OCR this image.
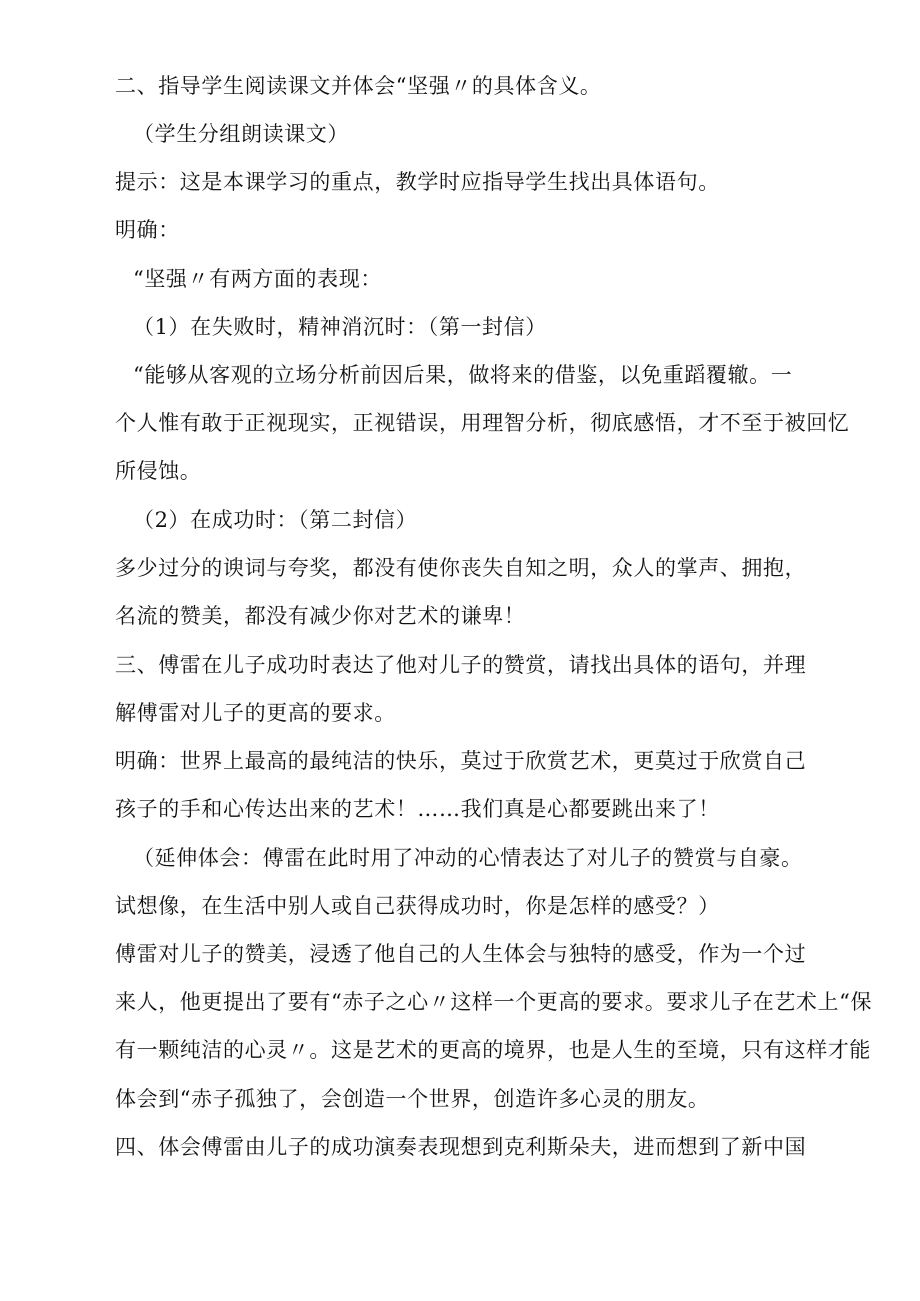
二、指导学生阅读课文并体会“坚强〃的具体含义。
（学生分组朗读课文）
提示：这是本课学习的重点，教学时应指导学生找出具体语句。
明确：
“坚强〃有两方面的表现：
（1）在失败时，精神消沉时：（第一封信）
“能够从客观的立场分析前因后果，做将来的借鉴，以免重蹈覆辙。一
个人惟有敢于正视现实，正视错误，用理智分析，彻底感悟，才不至于被回忆
所侵蚀。
（2）在成功时：（第二封信）
多少过分的谀词与夸奖，都没有使你丧失自知之明，众人的掌声、拥抱，
名流的赞美，都没有减少你对艺术的谦卑！
三、傅雷在儿子成功时表达了他对儿子的赞赏，请找出具体的语句，并理
解傅雷对儿子的更高的要求。
明确：世界上最高的最纯洁的快乐，莫过于欣赏艺术，更莫过于欣赏自己
孩子的手和心传达出来的艺术！……我们真是心都要跳出来了！
（延伸体会：傅雷在此时用了冲动的心情表达了对儿子的赞赏与自豪。
试想像，在生活中别人或自己获得成功时，你是怎样的感受？）
傅雷对儿子的赞美，浸透了他自己的人生体会与独特的感受，作为一个过
来人，他更提出了要有“赤子之心〃这样一个更高的要求。要求儿子在艺术上“保
有一颗纯洁的心灵〃。这是艺术的更高的境界，也是人生的至境，只有这样才能
体会到“赤子孤独了，会创造一个世界，创造许多心灵的朋友。
四、体会傅雷由儿子的成功演奏表现想到克利斯朵夫，进而想到了新中国
